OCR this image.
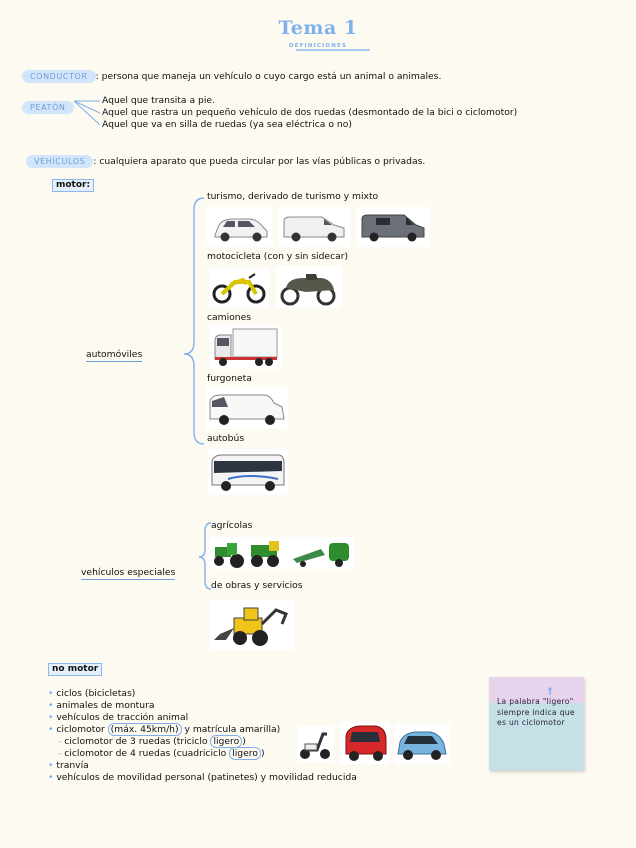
Tema 1
DEFINICIONES
CONDUCTOR : persona que maneja un vehículo o cuyo cargo está un animal o animales.
PEATÓN
Aquel que transita a pie.
Aquel que rastra un pequeño vehículo de dos ruedas (desmontado de la bici o ciclomotor)
Aquel que va en silla de ruedas (ya sea eléctrica o no)
VEHÍCULOS : cualquiera aparato que pueda circular por las vías públicas o privadas.
motor:
automóviles
turismo, derivado de turismo y mixto
motocicleta (con y sin sidecar)
camiones
furgoneta
autobús
vehículos especiales
agrícolas
de obras y servicios
no motor
• ciclos (bicicletas)
• animales de montura
• vehículos de tracción animal
• ciclomotor (máx. 45km/h) y matrícula amarilla)
- ciclomotor de 3 ruedas (triciclo ligero )
- ciclomotor de 4 ruedas (cuadriciclo ligero )
• tranvía
• vehículos de movilidad personal (patinetes) y movilidad reducida
La palabra "ligero" siempre indica que es un ciclomotor
